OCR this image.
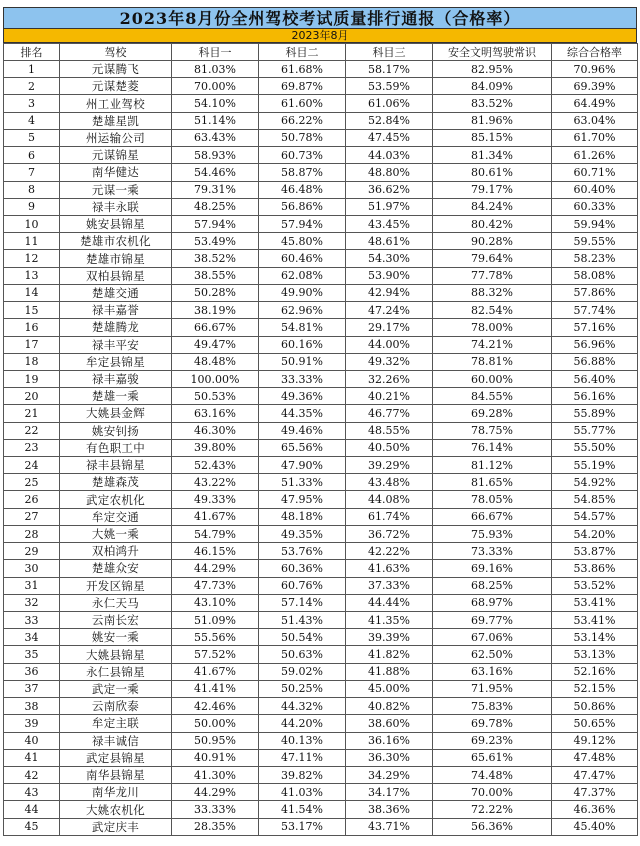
2023年8月份全州驾校考试质量排行通报（合格率）
2023年8月
排名	驾校	科目一	科目二	科目三	安全文明驾驶常识	综合合格率
1	元谋腾飞	81.03%	61.68%	58.17%	82.95%	70.96%
2	元谋楚菱	70.00%	69.87%	53.59%	84.09%	69.39%
3	州工业驾校	54.10%	61.60%	61.06%	83.52%	64.49%
4	楚雄星凯	51.14%	66.22%	52.84%	81.96%	63.04%
5	州运输公司	63.43%	50.78%	47.45%	85.15%	61.70%
6	元谋锦星	58.93%	60.73%	44.03%	81.34%	61.26%
7	南华健达	54.46%	58.87%	48.80%	80.61%	60.71%
8	元谋一乘	79.31%	46.48%	36.62%	79.17%	60.40%
9	禄丰永联	48.25%	56.86%	51.97%	84.24%	60.33%
10	姚安县锦星	57.94%	57.94%	43.45%	80.42%	59.94%
11	楚雄市农机化	53.49%	45.80%	48.61%	90.28%	59.55%
12	楚雄市锦星	38.52%	60.46%	54.30%	79.64%	58.23%
13	双柏县锦星	38.55%	62.08%	53.90%	77.78%	58.08%
14	楚雄交通	50.28%	49.90%	42.94%	88.32%	57.86%
15	禄丰嘉誉	38.19%	62.96%	47.24%	82.54%	57.74%
16	楚雄腾龙	66.67%	54.81%	29.17%	78.00%	57.16%
17	禄丰平安	49.47%	60.16%	44.00%	74.21%	56.96%
18	牟定县锦星	48.48%	50.91%	49.32%	78.81%	56.88%
19	禄丰嘉骏	100.00%	33.33%	32.26%	60.00%	56.40%
20	楚雄一乘	50.53%	49.36%	40.21%	84.55%	56.16%
21	大姚县金辉	63.16%	44.35%	46.77%	69.28%	55.89%
22	姚安钊扬	46.30%	49.46%	48.55%	78.75%	55.77%
23	有色职工中	39.80%	65.56%	40.50%	76.14%	55.50%
24	禄丰县锦星	52.43%	47.90%	39.29%	81.12%	55.19%
25	楚雄森茂	43.22%	51.33%	43.48%	81.65%	54.92%
26	武定农机化	49.33%	47.95%	44.08%	78.05%	54.85%
27	牟定交通	41.67%	48.18%	61.74%	66.67%	54.57%
28	大姚一乘	54.79%	49.35%	36.72%	75.93%	54.20%
29	双柏鸿升	46.15%	53.76%	42.22%	73.33%	53.87%
30	楚雄众安	44.29%	60.36%	41.63%	69.16%	53.86%
31	开发区锦星	47.73%	60.76%	37.33%	68.25%	53.52%
32	永仁天马	43.10%	57.14%	44.44%	68.97%	53.41%
33	云南长宏	51.09%	51.43%	41.35%	69.77%	53.41%
34	姚安一乘	55.56%	50.54%	39.39%	67.06%	53.14%
35	大姚县锦星	57.52%	50.63%	41.82%	62.50%	53.13%
36	永仁县锦星	41.67%	59.02%	41.88%	63.16%	52.16%
37	武定一乘	41.41%	50.25%	45.00%	71.95%	52.15%
38	云南欣泰	42.46%	44.32%	40.82%	75.83%	50.86%
39	牟定主联	50.00%	44.20%	38.60%	69.78%	50.65%
40	禄丰诚信	50.95%	40.13%	36.16%	69.23%	49.12%
41	武定县锦星	40.91%	47.11%	36.30%	65.61%	47.48%
42	南华县锦星	41.30%	39.82%	34.29%	74.48%	47.47%
43	南华龙川	44.29%	41.03%	34.17%	70.00%	47.37%
44	大姚农机化	33.33%	41.54%	38.36%	72.22%	46.36%
45	武定庆丰	28.35%	53.17%	43.71%	56.36%	45.40%
